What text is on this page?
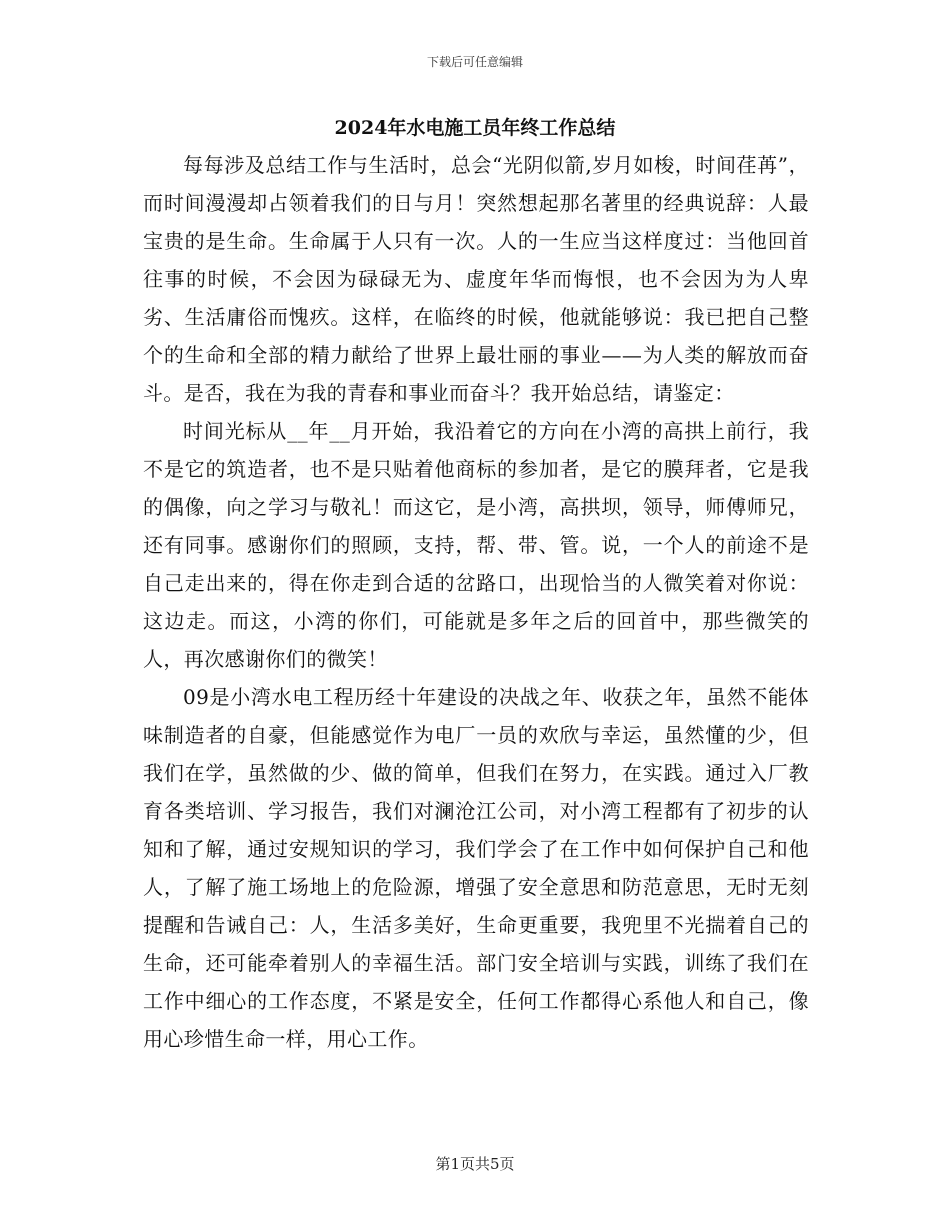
下载后可任意编辑
2024年水电施工员年终工作总结

每每涉及总结工作与生活时，总会“光阴似箭,岁月如梭，时间荏苒”，而时间漫漫却占领着我们的日与月！突然想起那名著里的经典说辞：人最宝贵的是生命。生命属于人只有一次。人的一生应当这样度过：当他回首往事的时候，不会因为碌碌无为、虚度年华而悔恨，也不会因为为人卑劣、生活庸俗而愧疚。这样，在临终的时候，他就能够说：我已把自己整个的生命和全部的精力献给了世界上最壮丽的事业——为人类的解放而奋斗。是否，我在为我的青春和事业而奋斗？我开始总结，请鉴定：

时间光标从__年__月开始，我沿着它的方向在小湾的高拱上前行，我不是它的筑造者，也不是只贴着他商标的参加者，是它的膜拜者，它是我的偶像，向之学习与敬礼！而这它，是小湾，高拱坝，领导，师傅师兄，还有同事。感谢你们的照顾，支持，帮、带、管。说，一个人的前途不是自己走出来的，得在你走到合适的岔路口，出现恰当的人微笑着对你说：这边走。而这，小湾的你们，可能就是多年之后的回首中，那些微笑的人，再次感谢你们的微笑！

09是小湾水电工程历经十年建设的决战之年、收获之年，虽然不能体味制造者的自豪，但能感觉作为电厂一员的欢欣与幸运，虽然懂的少，但我们在学，虽然做的少、做的简单，但我们在努力，在实践。通过入厂教育各类培训、学习报告，我们对澜沧江公司，对小湾工程都有了初步的认知和了解，通过安规知识的学习，我们学会了在工作中如何保护自己和他人，了解了施工场地上的危险源，增强了安全意思和防范意思，无时无刻提醒和告诫自己：人，生活多美好，生命更重要，我兜里不光揣着自己的生命，还可能牵着别人的幸福生活。部门安全培训与实践，训练了我们在工作中细心的工作态度，不紧是安全，任何工作都得心系他人和自己，像用心珍惜生命一样，用心工作。

第1页共5页
